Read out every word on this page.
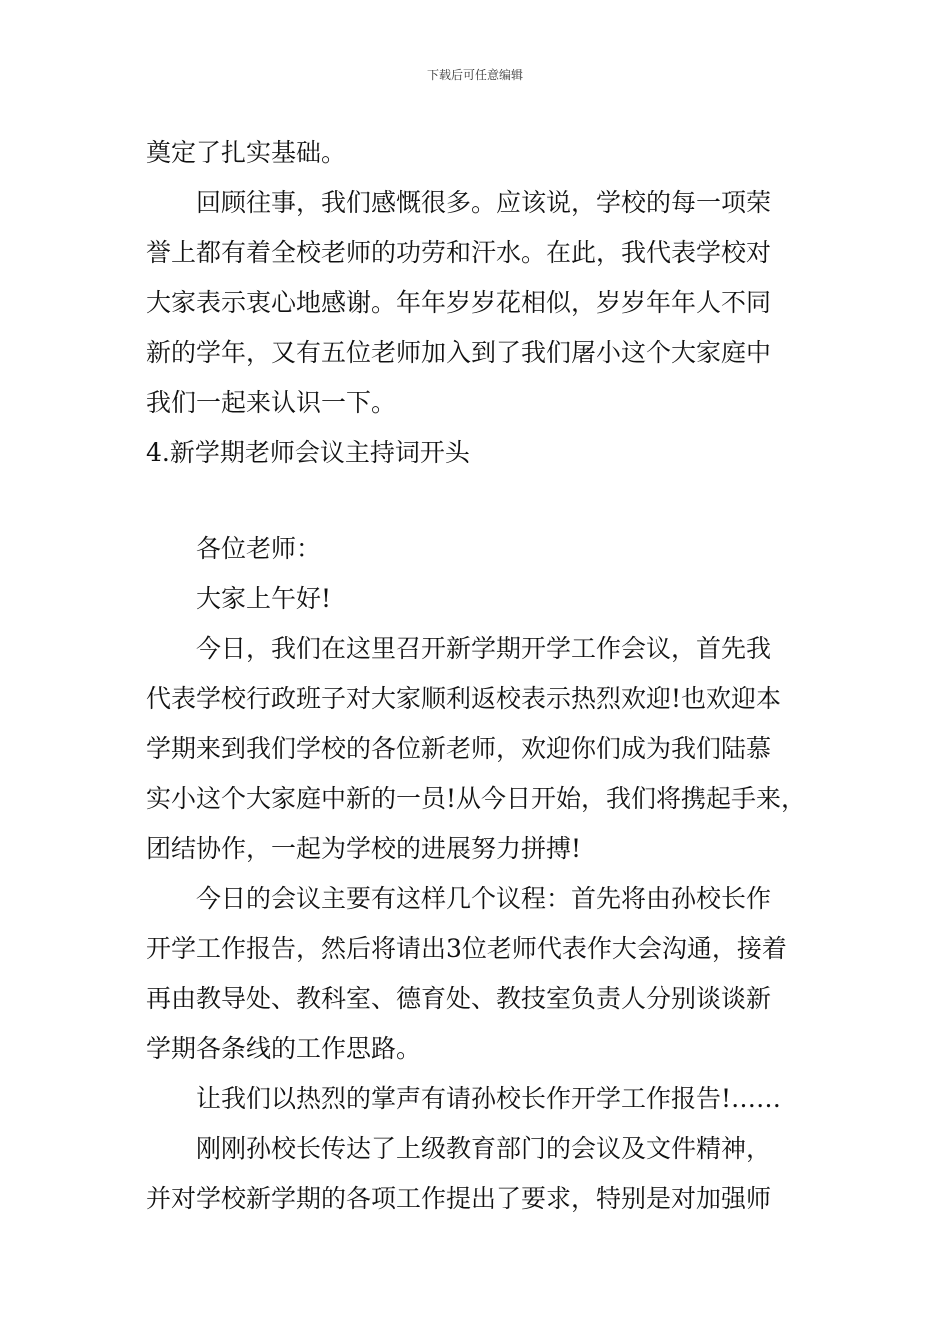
下载后可任意编辑
奠定了扎实基础。
回顾往事，我们感慨很多。应该说，学校的每一项荣
誉上都有着全校老师的功劳和汗水。在此，我代表学校对
大家表示衷心地感谢。年年岁岁花相似，岁岁年年人不同
新的学年，又有五位老师加入到了我们屠小这个大家庭中
我们一起来认识一下。
4.新学期老师会议主持词开头
各位老师：
大家上午好!
今日，我们在这里召开新学期开学工作会议，首先我
代表学校行政班子对大家顺利返校表示热烈欢迎!也欢迎本
学期来到我们学校的各位新老师，欢迎你们成为我们陆慕
实小这个大家庭中新的一员!从今日开始，我们将携起手来，
团结协作，一起为学校的进展努力拼搏!
今日的会议主要有这样几个议程：首先将由孙校长作
开学工作报告，然后将请出3位老师代表作大会沟通，接着
再由教导处、教科室、德育处、教技室负责人分别谈谈新
学期各条线的工作思路。
让我们以热烈的掌声有请孙校长作开学工作报告!……
刚刚孙校长传达了上级教育部门的会议及文件精神，
并对学校新学期的各项工作提出了要求，特别是对加强师
